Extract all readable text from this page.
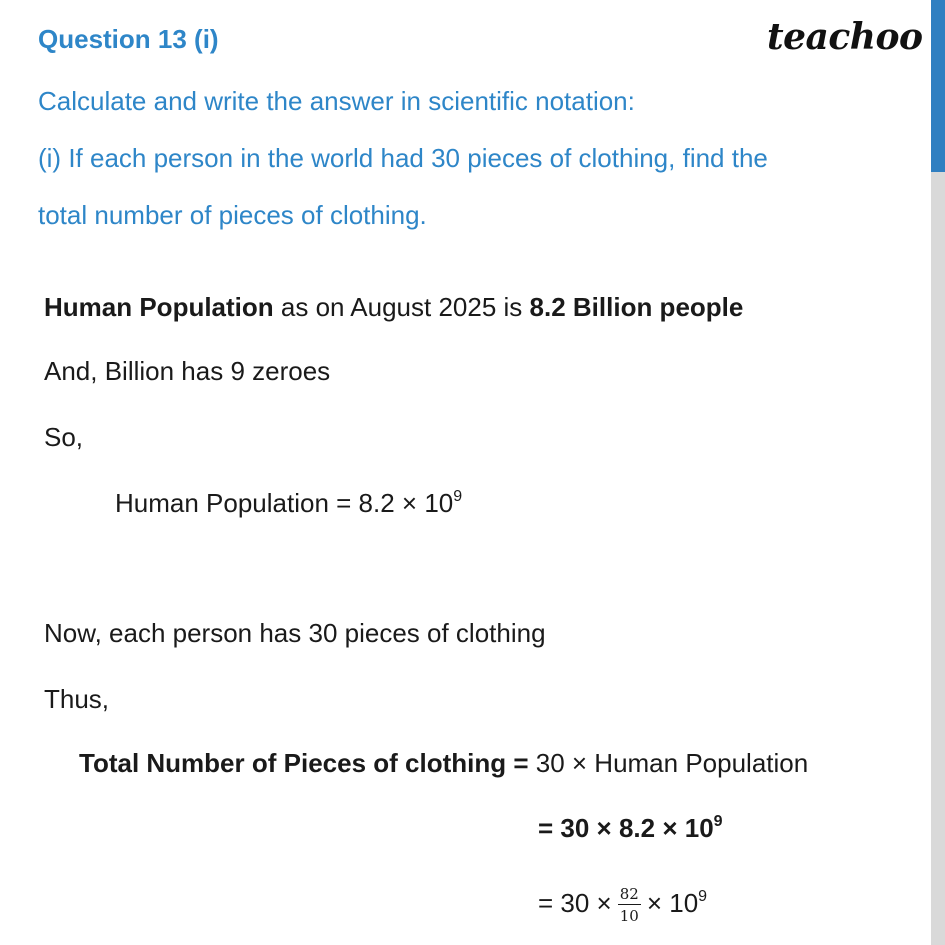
teachoo
Question 13 (i)
Calculate and write the answer in scientific notation:
(i) If each person in the world had 30 pieces of clothing, find the
total number of pieces of clothing.
Human Population as on August 2025 is 8.2 Billion people
And, Billion has 9 zeroes
So,
Human Population = $8.2 \times 10^9$
Now, each person has 30 pieces of clothing
Thus,
Total Number of Pieces of clothing = 30 × Human Population
= $30 \times 8.2 \times 10^9$
= $30 \times \frac{82}{10} \times 10^9$
